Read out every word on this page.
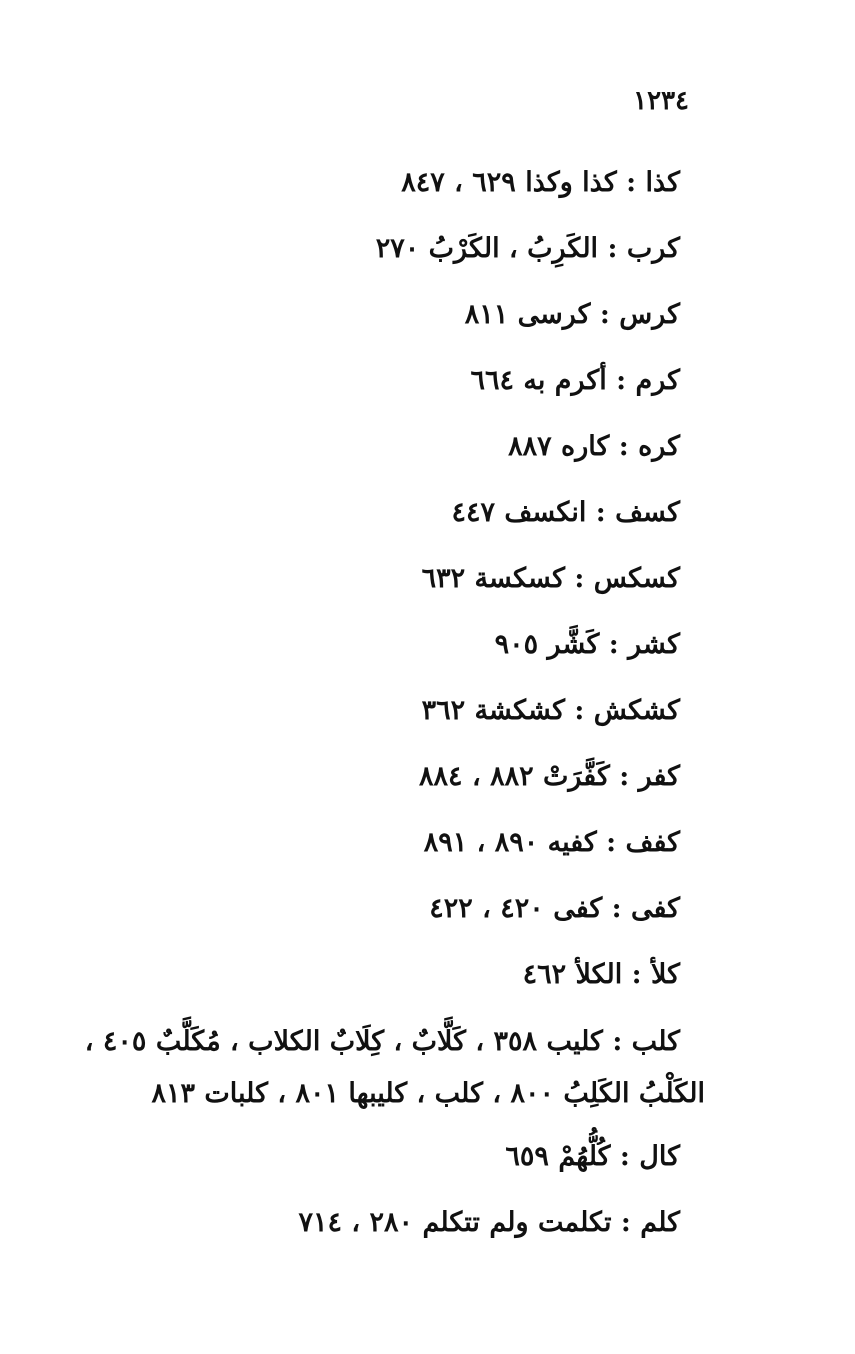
١٢٣٤
كذا : كذا وكذا ٦٢٩ ، ٨٤٧
كرب : الكَرِبُ ، الكَرْبُ ٢٧٠
كرس : كرسى ٨١١
كرم : أكرم به ٦٦٤
كره : كاره ٨٨٧
كسف : انكسف ٤٤٧
كسكس : كسكسة ٦٣٢
كشر : كَشَّر ٩٠٥
كشكش : كشكشة ٣٦٢
كفر : كَفَّرَتْ ٨٨٢ ، ٨٨٤
كفف : كفيه ٨٩٠ ، ٨٩١
كفى : كفى ٤٢٠ ، ٤٢٢
كلأ : الكلأ ٤٦٢
كلب : كليب ٣٥٨ ، كَلَّابٌ ، كِلَابٌ الكلاب ، مُكَلَّبٌ ٤٠٥ ،
الكَلْبُ الكَلِبُ ٨٠٠ ، كلب ، كليبها ٨٠١ ، كلبات ٨١٣
كال : كُلُّهُمْ ٦٥٩
كلم : تكلمت ولم تتكلم ٢٨٠ ، ٧١٤
